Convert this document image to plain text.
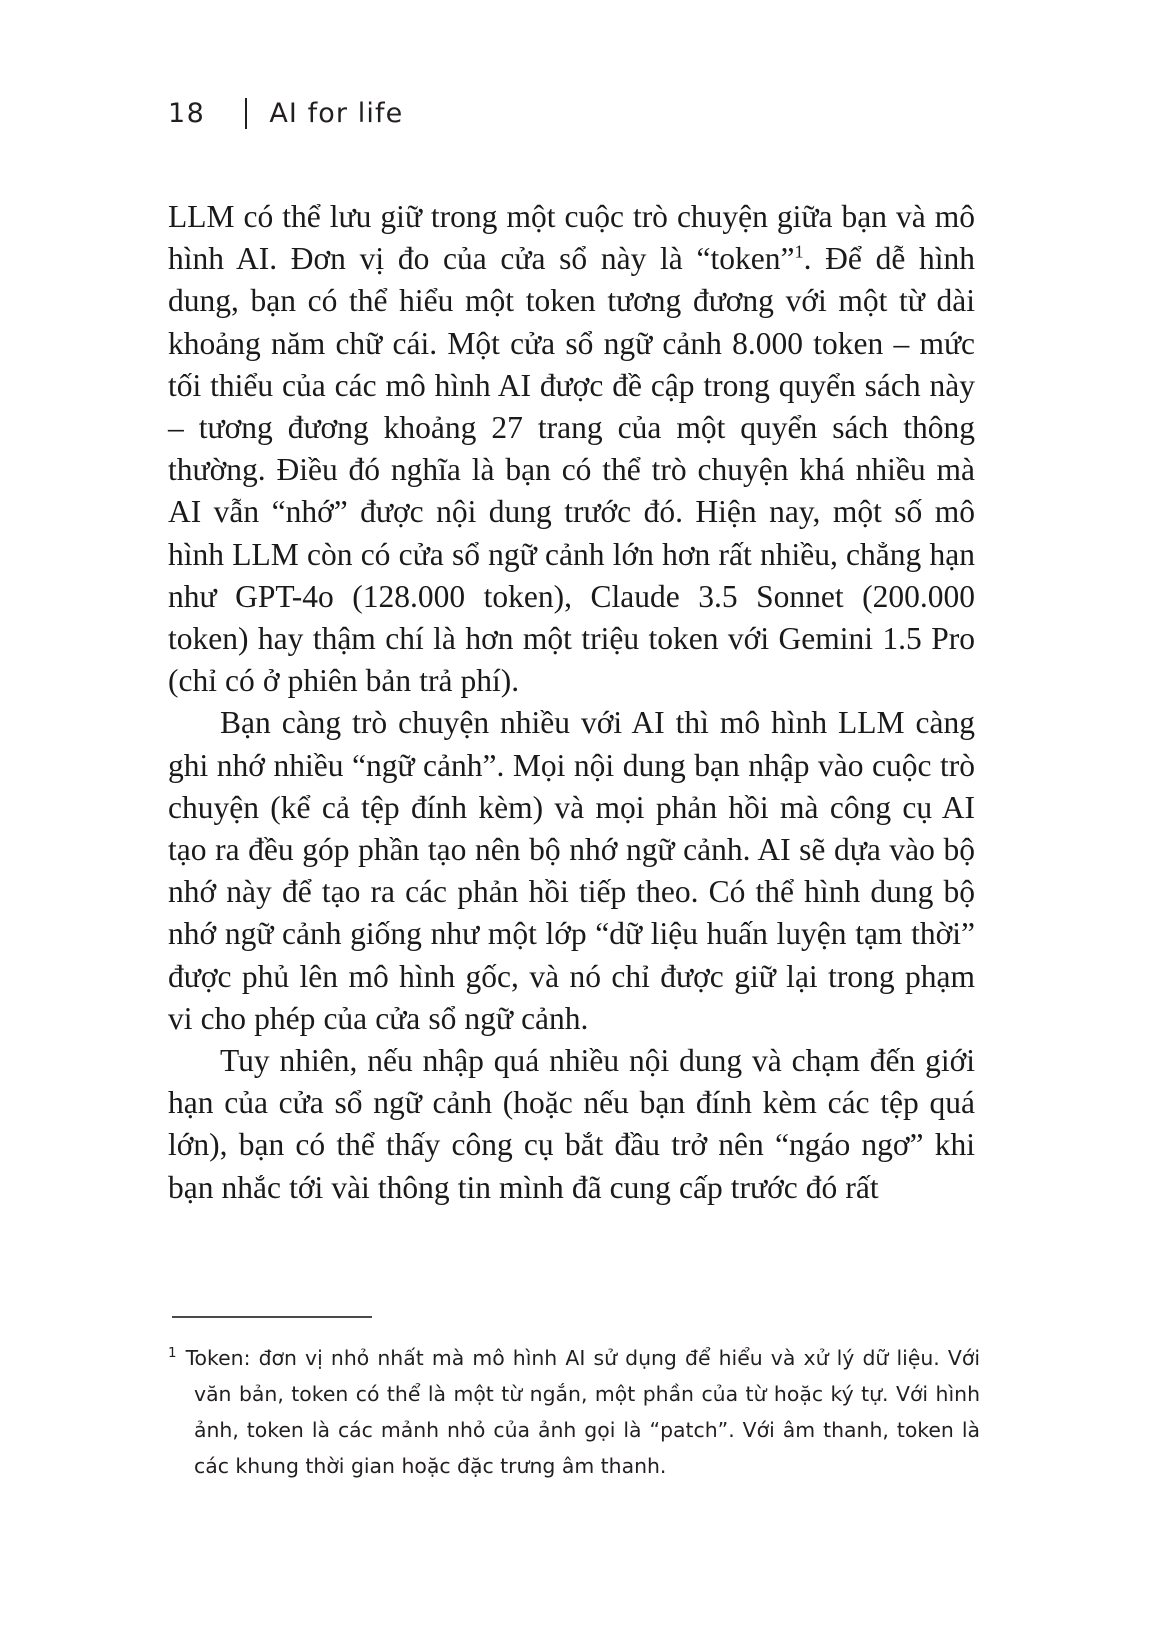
18 AI for life

LLM có thể lưu giữ trong một cuộc trò chuyện giữa bạn và mô hình AI. Đơn vị đo của cửa sổ này là “token”$^1$. Để dễ hình dung, bạn có thể hiểu một token tương đương với một từ dài khoảng năm chữ cái. Một cửa sổ ngữ cảnh 8.000 token – mức tối thiểu của các mô hình AI được đề cập trong quyển sách này – tương đương khoảng 27 trang của một quyển sách thông thường. Điều đó nghĩa là bạn có thể trò chuyện khá nhiều mà AI vẫn “nhớ” được nội dung trước đó. Hiện nay, một số mô hình LLM còn có cửa sổ ngữ cảnh lớn hơn rất nhiều, chẳng hạn như GPT-4o (128.000 token), Claude 3.5 Sonnet (200.000 token) hay thậm chí là hơn một triệu token với Gemini 1.5 Pro (chỉ có ở phiên bản trả phí).

Bạn càng trò chuyện nhiều với AI thì mô hình LLM càng ghi nhớ nhiều “ngữ cảnh”. Mọi nội dung bạn nhập vào cuộc trò chuyện (kể cả tệp đính kèm) và mọi phản hồi mà công cụ AI tạo ra đều góp phần tạo nên bộ nhớ ngữ cảnh. AI sẽ dựa vào bộ nhớ này để tạo ra các phản hồi tiếp theo. Có thể hình dung bộ nhớ ngữ cảnh giống như một lớp “dữ liệu huấn luyện tạm thời” được phủ lên mô hình gốc, và nó chỉ được giữ lại trong phạm vi cho phép của cửa sổ ngữ cảnh.

Tuy nhiên, nếu nhập quá nhiều nội dung và chạm đến giới hạn của cửa sổ ngữ cảnh (hoặc nếu bạn đính kèm các tệp quá lớn), bạn có thể thấy công cụ bắt đầu trở nên “ngáo ngơ” khi bạn nhắc tới vài thông tin mình đã cung cấp trước đó rất

$^1$ Token: đơn vị nhỏ nhất mà mô hình AI sử dụng để hiểu và xử lý dữ liệu. Với văn bản, token có thể là một từ ngắn, một phần của từ hoặc ký tự. Với hình ảnh, token là các mảnh nhỏ của ảnh gọi là “patch”. Với âm thanh, token là các khung thời gian hoặc đặc trưng âm thanh.
